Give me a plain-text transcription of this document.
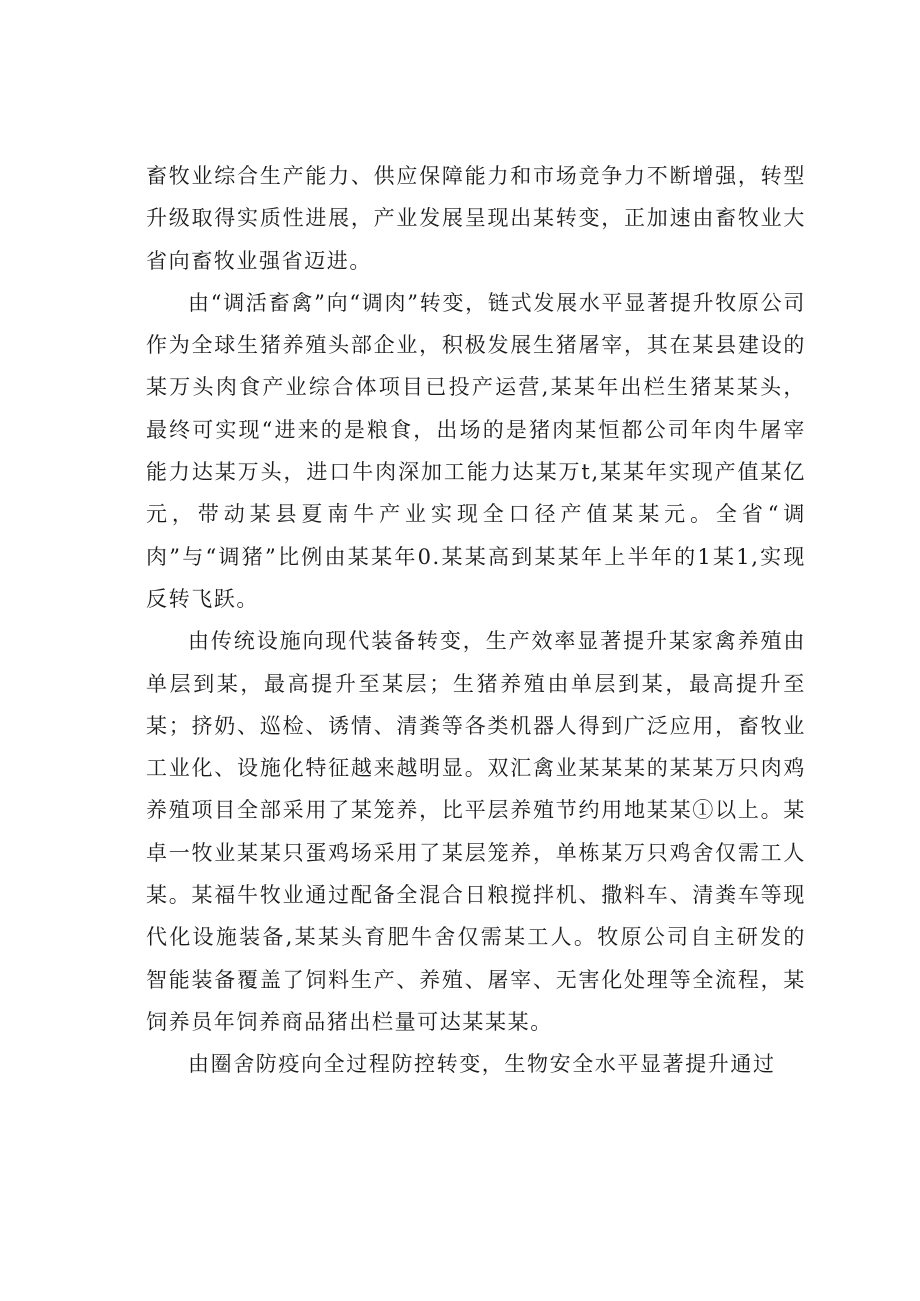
畜牧业综合生产能力、供应保障能力和市场竞争力不断增强，转型升级取得实质性进展，产业发展呈现出某转变，正加速由畜牧业大省向畜牧业强省迈进。

由“调活畜禽”向“调肉”转变，链式发展水平显著提升牧原公司作为全球生猪养殖头部企业，积极发展生猪屠宰，其在某县建设的某万头肉食产业综合体项目已投产运营,某某年出栏生猪某某头，最终可实现“进来的是粮食，出场的是猪肉某恒都公司年肉牛屠宰能力达某万头，进口牛肉深加工能力达某万t,某某年实现产值某亿元，带动某县夏南牛产业实现全口径产值某某元。全省“调肉”与“调猪”比例由某某年0.某某高到某某年上半年的1某1,实现反转飞跃。

由传统设施向现代装备转变，生产效率显著提升某家禽养殖由单层到某，最高提升至某层；生猪养殖由单层到某，最高提升至某；挤奶、巡检、诱情、清粪等各类机器人得到广泛应用，畜牧业工业化、设施化特征越来越明显。双汇禽业某某某的某某万只肉鸡养殖项目全部采用了某笼养，比平层养殖节约用地某某①以上。某卓一牧业某某只蛋鸡场采用了某层笼养，单栋某万只鸡舍仅需工人某。某福牛牧业通过配备全混合日粮搅拌机、撒料车、清粪车等现代化设施装备,某某头育肥牛舍仅需某工人。牧原公司自主研发的智能装备覆盖了饲料生产、养殖、屠宰、无害化处理等全流程，某饲养员年饲养商品猪出栏量可达某某某。

由圈舍防疫向全过程防控转变，生物安全水平显著提升通过
